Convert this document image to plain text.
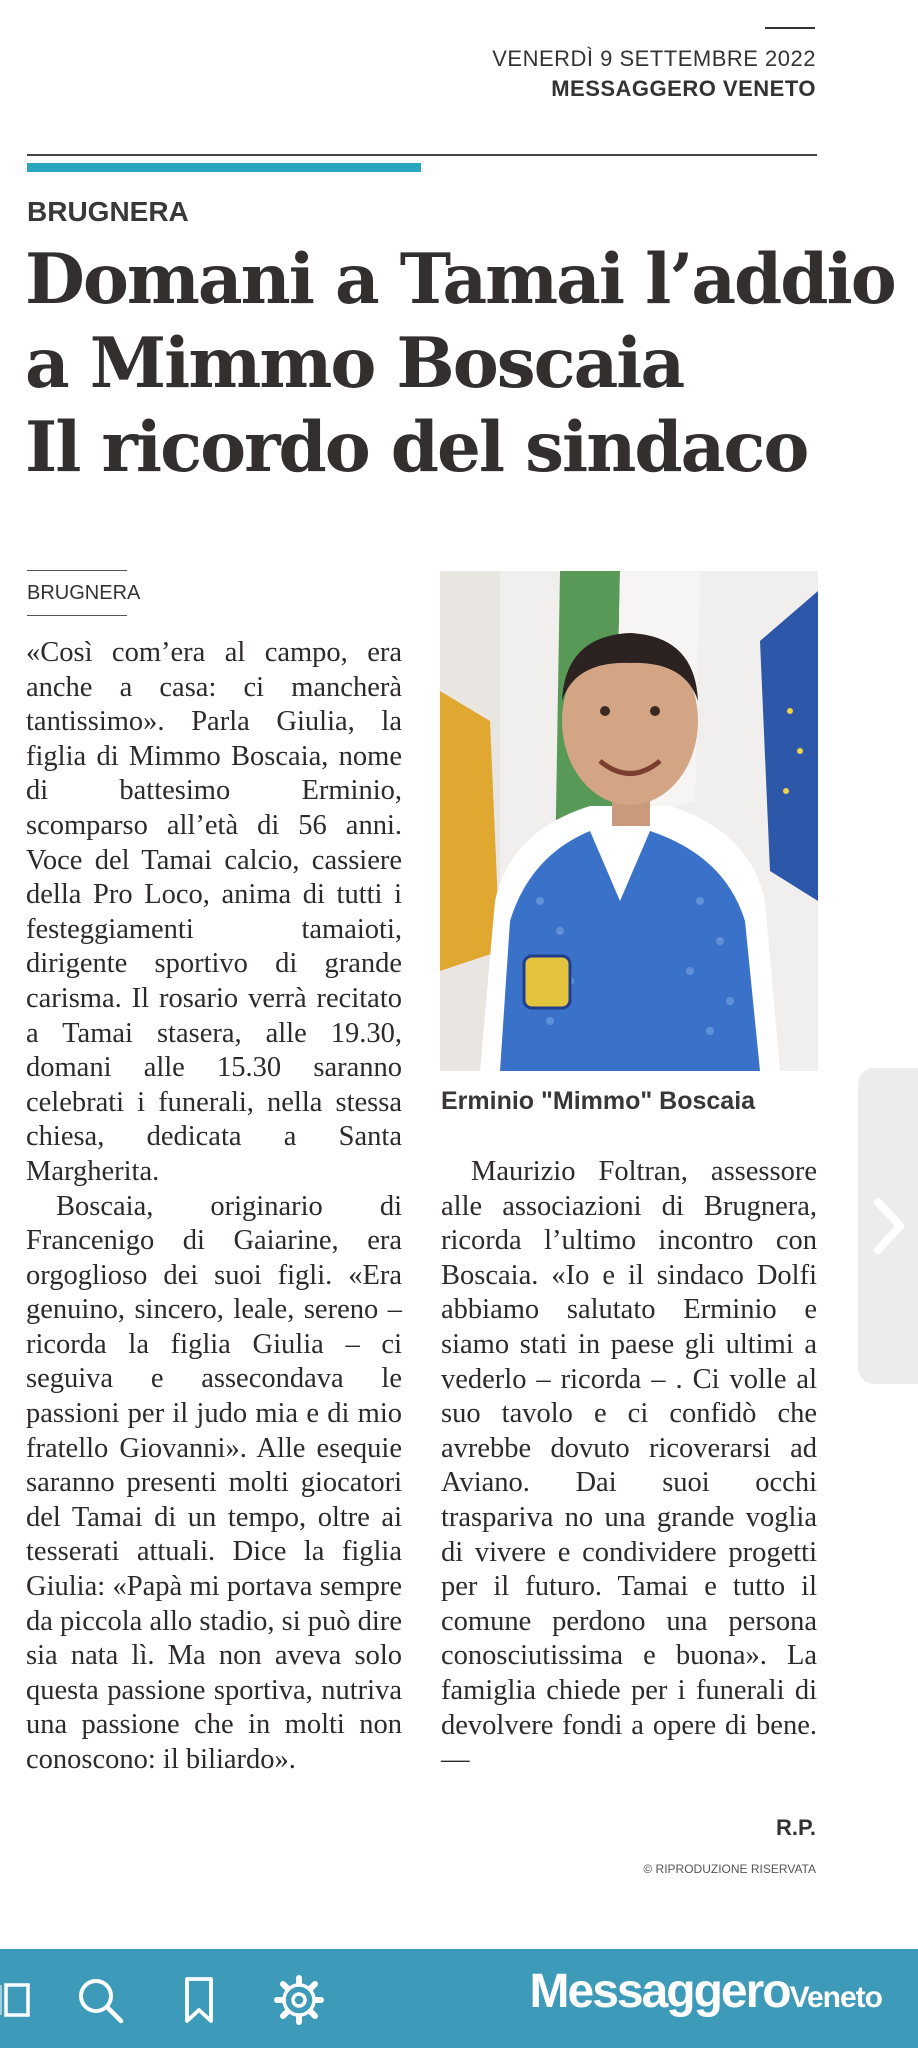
VENERDÌ 9 SETTEMBRE 2022
MESSAGGERO VENETO
BRUGNERA
Domani a Tamai l’addio
a Mimmo Boscaia
Il ricordo del sindaco
BRUGNERA

«Così com’era al campo, era anche a casa: ci mancherà tantissimo». Parla Giulia, la figlia di Mimmo Boscaia, nome di battesimo Erminio, scomparso all’età di 56 anni. Voce del Tamai calcio, cassiere della Pro Loco, anima di tutti i festeggiamenti tamaioti, dirigente sportivo di grande carisma. Il rosario verrà recitato a Tamai stasera, alle 19.30, domani alle 15.30 saranno celebrati i funerali, nella stessa chiesa, dedicata a Santa Margherita.

Boscaia, originario di Francenigo di Gaiarine, era orgoglioso dei suoi figli. «Era genuino, sincero, leale, sereno – ricorda la figlia Giulia – ci seguiva e assecondava le passioni per il judo mia e di mio fratello Giovanni». Alle esequie saranno presenti molti giocatori del Tamai di un tempo, oltre ai tesserati attuali. Dice la figlia Giulia: «Papà mi portava sempre da piccola allo stadio, si può dire sia nata lì. Ma non aveva solo questa passione sportiva, nutriva una passione che in molti non conoscono: il biliardo».

Erminio "Mimmo" Boscaia

Maurizio Foltran, assessore alle associazioni di Brugnera, ricorda l’ultimo incontro con Boscaia. «Io e il sindaco Dolfi abbiamo salutato Erminio e siamo stati in paese gli ultimi a vederlo – ricorda – . Ci volle al suo tavolo e ci confidò che avrebbe dovuto ricoverarsi ad Aviano. Dai suoi occhi traspariva no una grande voglia di vivere e condividere progetti per il futuro. Tamai e tutto il comune perdono una persona conosciutissima e buona». La famiglia chiede per i funerali di devolvere fondi a opere di bene. —

R.P.
© RIPRODUZIONE RISERVATA
MessaggeroVeneto
